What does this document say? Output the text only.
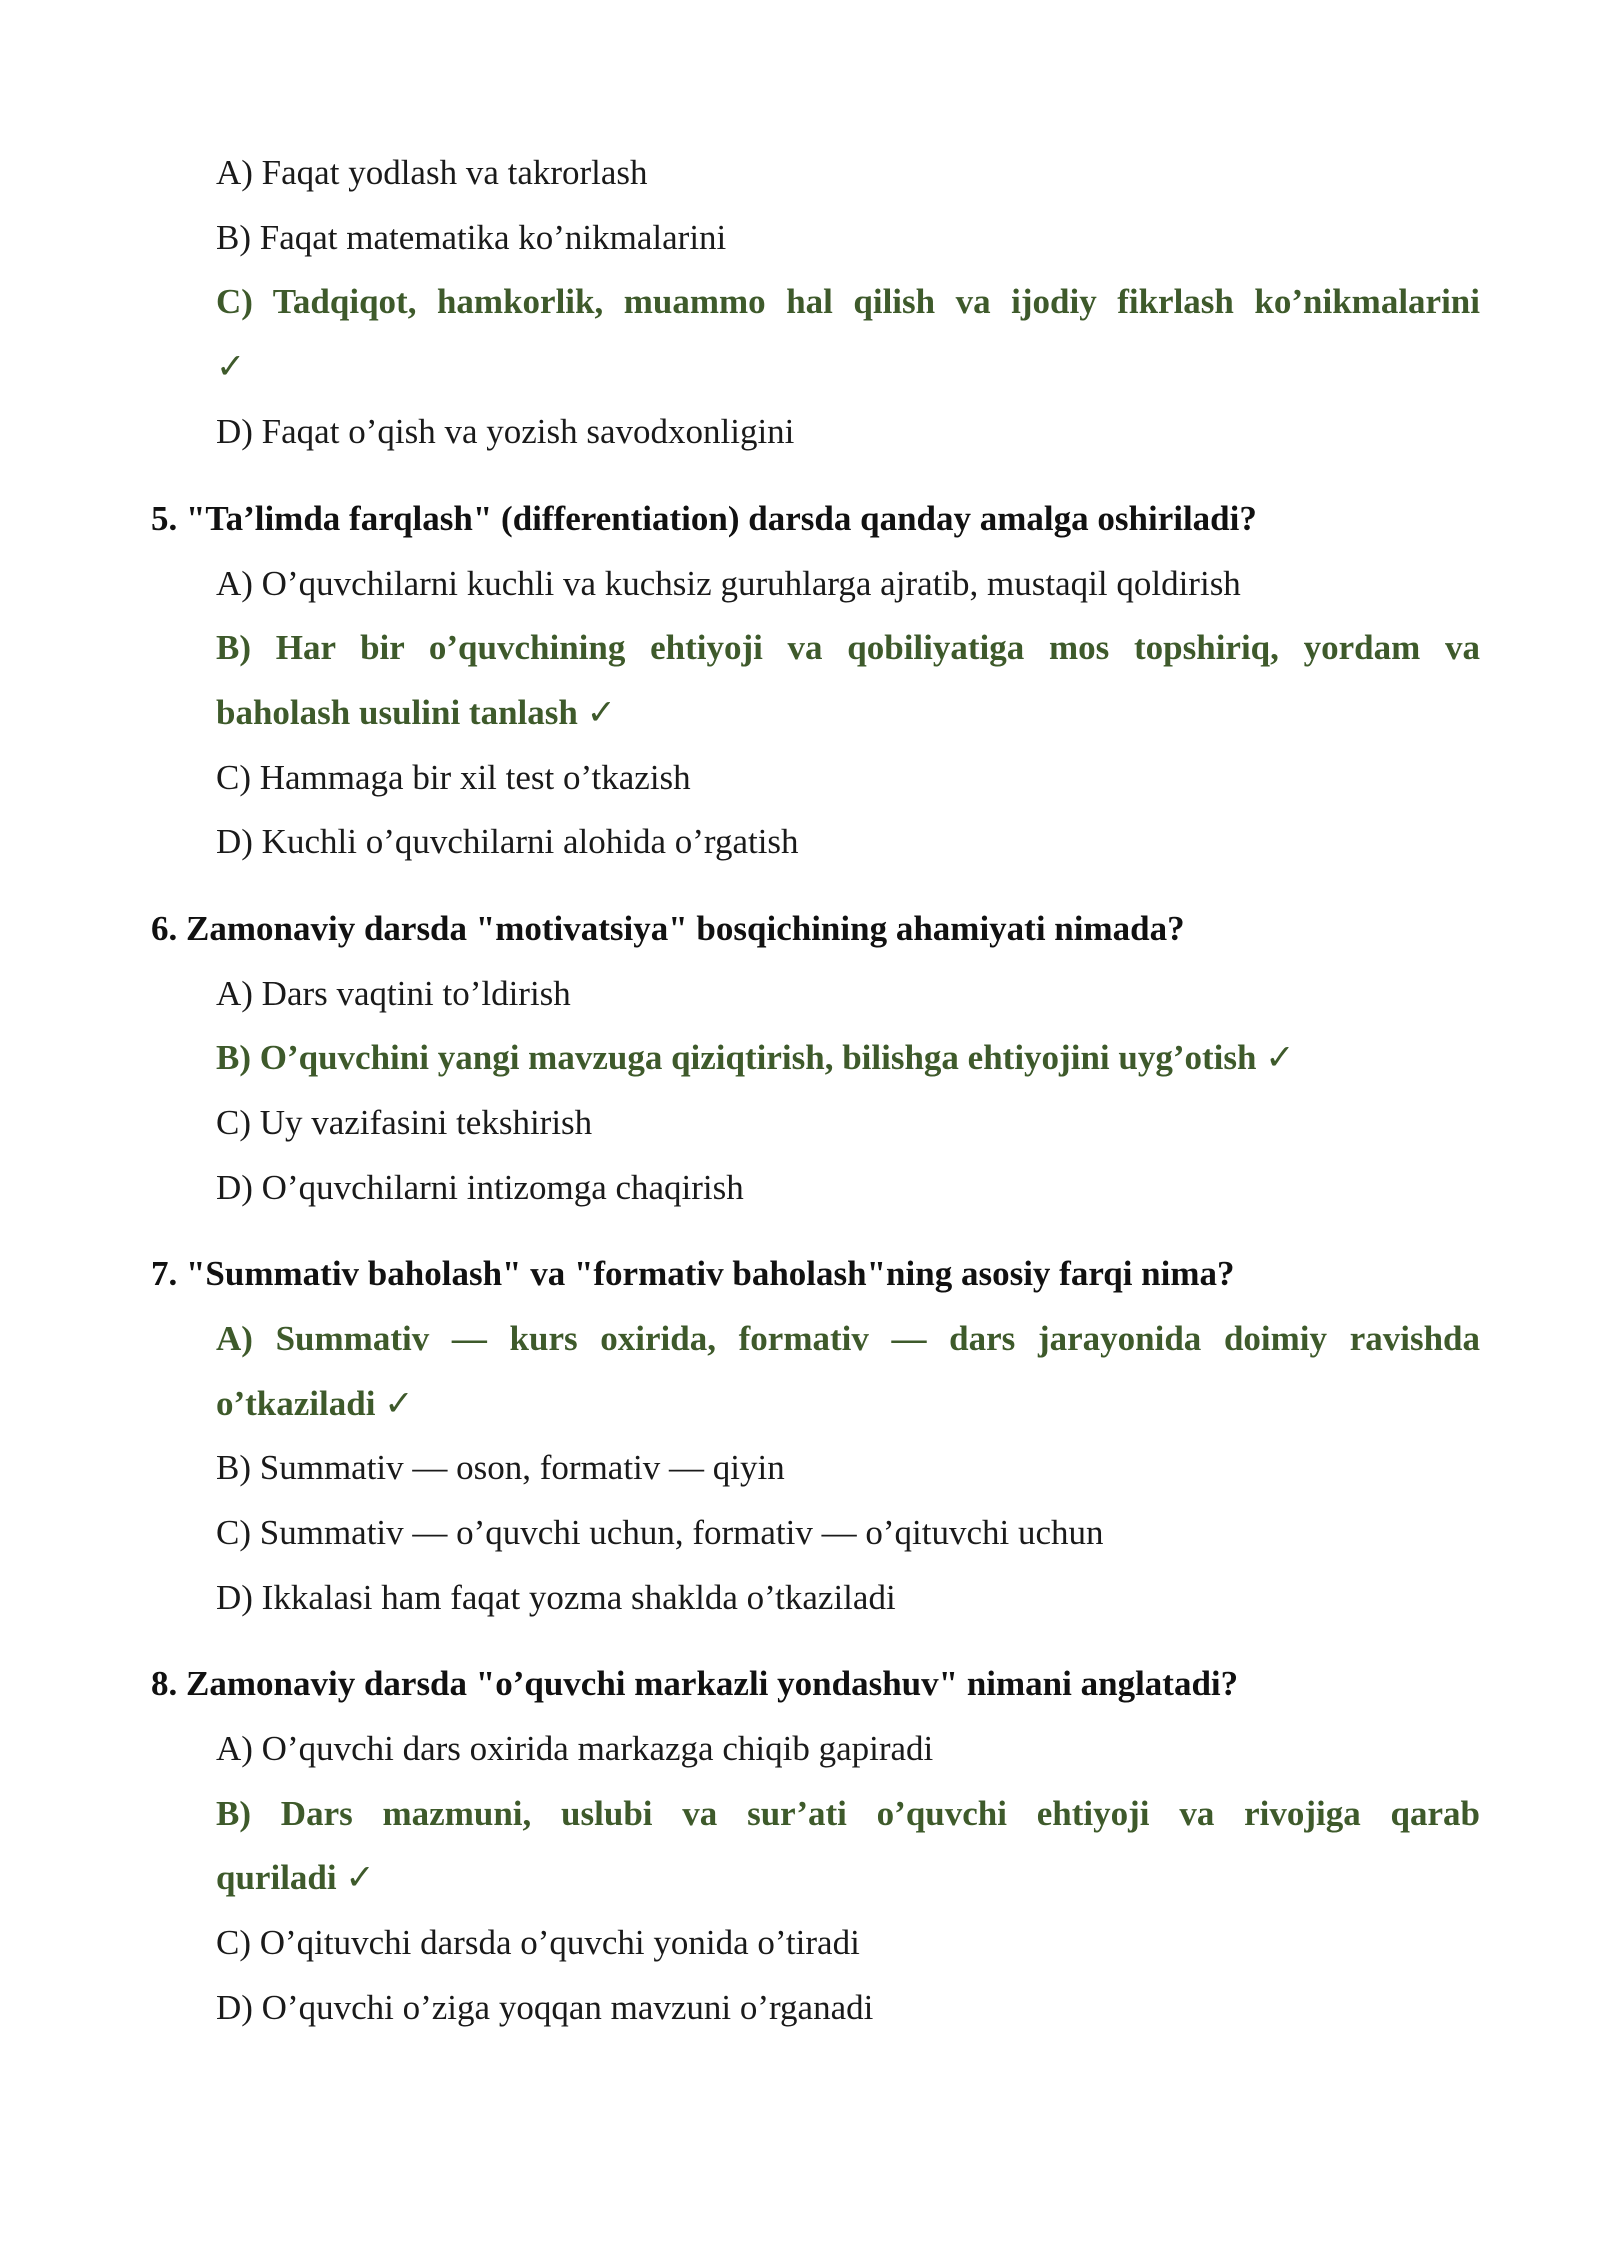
A) Faqat yodlash va takrorlash
B) Faqat matematika ko’nikmalarini
C) Tadqiqot, hamkorlik, muammo hal qilish va ijodiy fikrlash ko’nikmalarini
✓
D) Faqat o’qish va yozish savodxonligini
5. "Ta’limda farqlash" (differentiation) darsda qanday amalga oshiriladi?
A) O’quvchilarni kuchli va kuchsiz guruhlarga ajratib, mustaqil qoldirish
B) Har bir o’quvchining ehtiyoji va qobiliyatiga mos topshiriq, yordam va
baholash usulini tanlash ✓
C) Hammaga bir xil test o’tkazish
D) Kuchli o’quvchilarni alohida o’rgatish
6. Zamonaviy darsda "motivatsiya" bosqichining ahamiyati nimada?
A) Dars vaqtini to’ldirish
B) O’quvchini yangi mavzuga qiziqtirish, bilishga ehtiyojini uyg’otish ✓
C) Uy vazifasini tekshirish
D) O’quvchilarni intizomga chaqirish
7. "Summativ baholash" va "formativ baholash"ning asosiy farqi nima?
A) Summativ — kurs oxirida, formativ — dars jarayonida doimiy ravishda
o’tkaziladi ✓
B) Summativ — oson, formativ — qiyin
C) Summativ — o’quvchi uchun, formativ — o’qituvchi uchun
D) Ikkalasi ham faqat yozma shaklda o’tkaziladi
8. Zamonaviy darsda "o’quvchi markazli yondashuv" nimani anglatadi?
A) O’quvchi dars oxirida markazga chiqib gapiradi
B) Dars mazmuni, uslubi va sur’ati o’quvchi ehtiyoji va rivojiga qarab
quriladi ✓
C) O’qituvchi darsda o’quvchi yonida o’tiradi
D) O’quvchi o’ziga yoqqan mavzuni o’rganadi
